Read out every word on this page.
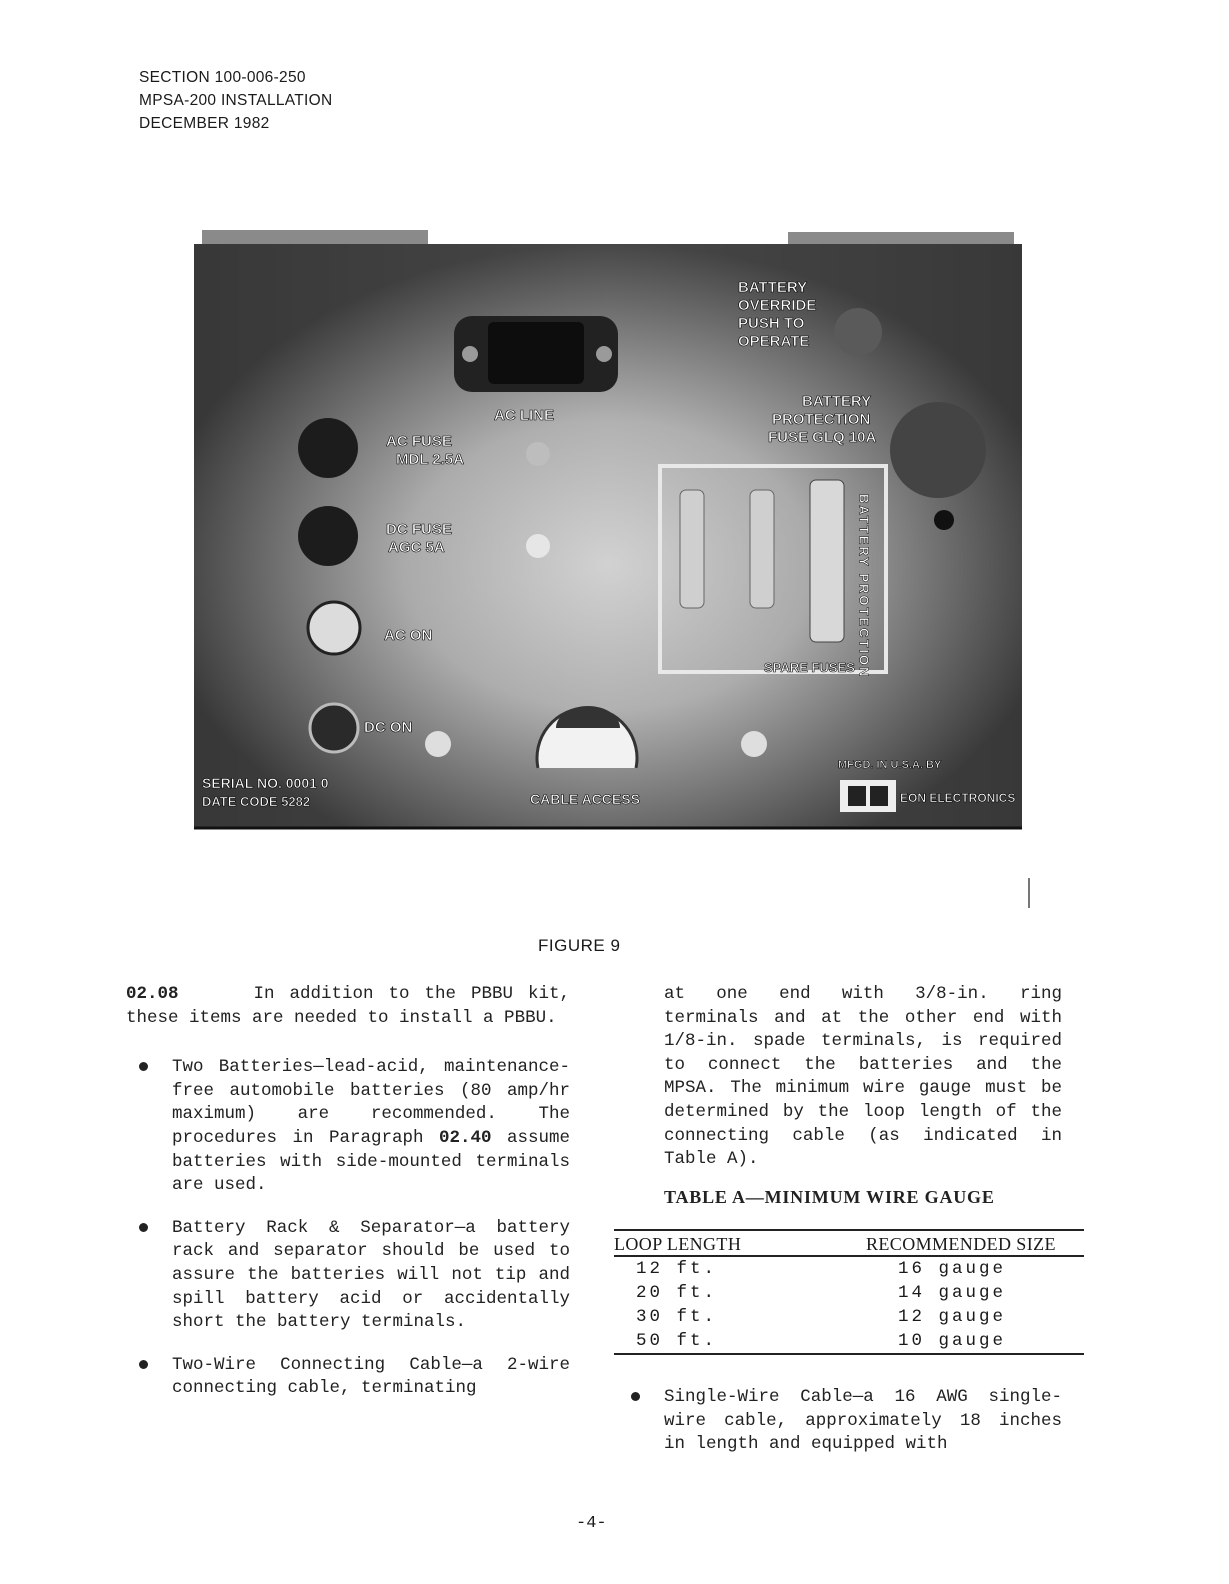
SECTION 100-006-250
MPSA-200 INSTALLATION
DECEMBER 1982
BATTERY
OVERRIDE
PUSH TO
OPERATE
AC LINE
BATTERY
PROTECTION
FUSE GLQ 10A
AC FUSE
MDL 2.5A
DC FUSE
AGC 5A
AC ON
DC ON
SPARE FUSES
SERIAL NO. 0001 0
DATE CODE 5282	CABLE ACCESS
MFGD. IN U.S.A. BY
EON ELECTRONICS
BATTERY PROTECTION
FIGURE 9
02.08	In addition to the PBBU kit, these items are needed to install a PBBU.
Two Batteries—lead-acid, maintenance-free automobile batteries (80 amp/hr maximum) are recommended. The procedures in Paragraph 02.40 assume batteries with side-mounted terminals are used.
Battery Rack & Separator—a battery rack and separator should be used to assure the batteries will not tip and spill battery acid or accidentally short the battery terminals.
Two-Wire Connecting Cable—a 2-wire connecting cable, terminating
at one end with 3/8-in. ring terminals and at the other end with 1/8-in. spade terminals, is required to connect the batteries and the MPSA. The minimum wire gauge must be determined by the loop length of the connecting cable (as indicated in Table A).
TABLE A—MINIMUM WIRE GAUGE
LOOP LENGTH	RECOMMENDED SIZE
12 ft.	16 gauge
20 ft.	14 gauge
30 ft.	12 gauge
50 ft.	10 gauge
Single-Wire Cable—a 16 AWG single-wire cable, approximately 18 inches in length and equipped with
-4-
